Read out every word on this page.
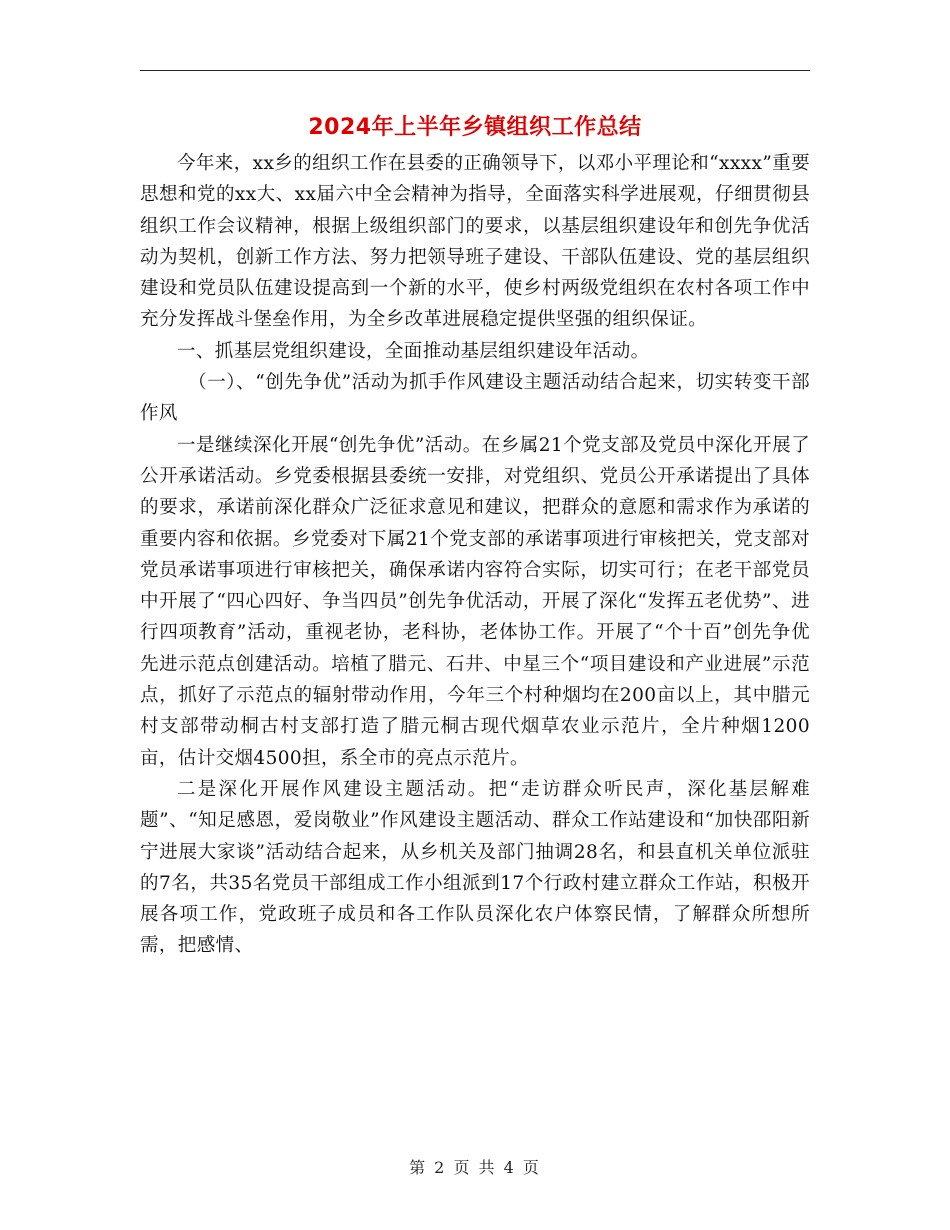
2024年上半年乡镇组织工作总结

今年来，xx乡的组织工作在县委的正确领导下，以邓小平理论和“xxxx”重要思想和党的xx大、xx届六中全会精神为指导，全面落实科学进展观，仔细贯彻县组织工作会议精神，根据上级组织部门的要求，以基层组织建设年和创先争优活动为契机，创新工作方法、努力把领导班子建设、干部队伍建设、党的基层组织建设和党员队伍建设提高到一个新的水平，使乡村两级党组织在农村各项工作中充分发挥战斗堡垒作用，为全乡改革进展稳定提供坚强的组织保证。

一、抓基层党组织建设，全面推动基层组织建设年活动。

（一）、“创先争优”活动为抓手作风建设主题活动结合起来，切实转变干部作风

一是继续深化开展“创先争优”活动。在乡属21个党支部及党员中深化开展了公开承诺活动。乡党委根据县委统一安排，对党组织、党员公开承诺提出了具体的要求，承诺前深化群众广泛征求意见和建议，把群众的意愿和需求作为承诺的重要内容和依据。乡党委对下属21个党支部的承诺事项进行审核把关，党支部对党员承诺事项进行审核把关，确保承诺内容符合实际，切实可行；在老干部党员中开展了“四心四好、争当四员”创先争优活动，开展了深化“发挥五老优势”、进行四项教育”活动，重视老协，老科协，老体协工作。开展了“个十百”创先争优先进示范点创建活动。培植了腊元、石井、中星三个“项目建设和产业进展”示范点，抓好了示范点的辐射带动作用，今年三个村种烟均在200亩以上，其中腊元村支部带动桐古村支部打造了腊元桐古现代烟草农业示范片，全片种烟1200亩，估计交烟4500担，系全市的亮点示范片。

二是深化开展作风建设主题活动。把“走访群众听民声，深化基层解难题”、“知足感恩，爱岗敬业”作风建设主题活动、群众工作站建设和“加快邵阳新宁进展大家谈”活动结合起来，从乡机关及部门抽调28名，和县直机关单位派驻的7名，共35名党员干部组成工作小组派到17个行政村建立群众工作站，积极开展各项工作，党政班子成员和各工作队员深化农户体察民情，了解群众所想所需，把感情、

第 2 页 共 4 页
